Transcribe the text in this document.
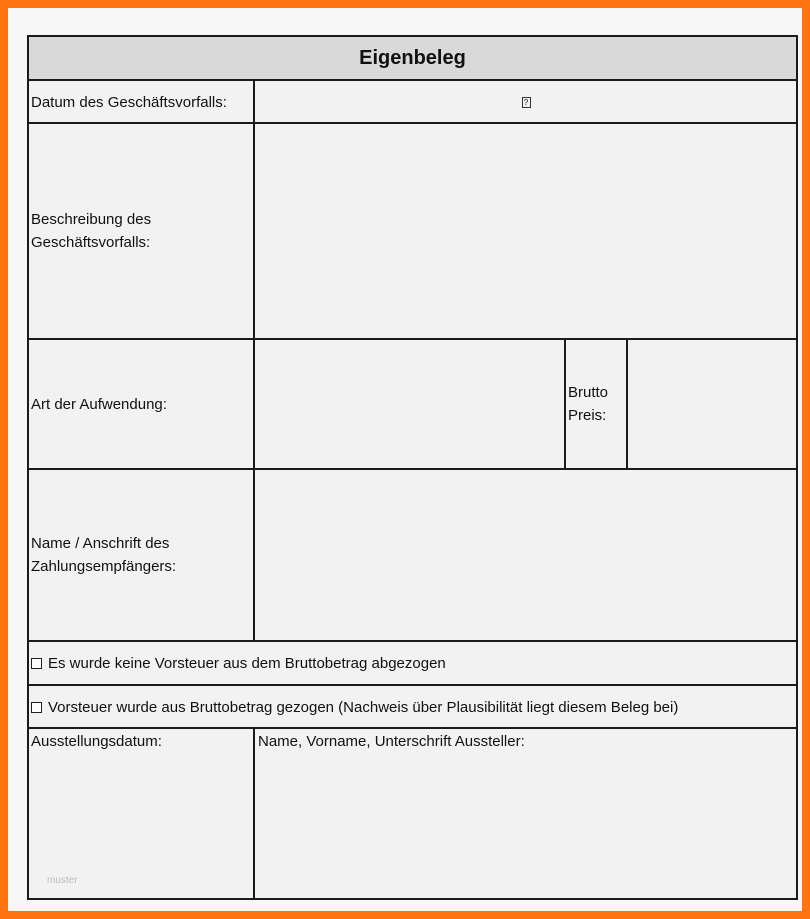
Eigenbeleg
Datum des Geschäftsvorfalls:	?
Beschreibung des
Geschäftsvorfalls:
Art der Aufwendung:
Brutto
Preis:
Name / Anschrift des
Zahlungsempfängers:
Es wurde keine Vorsteuer aus dem Bruttobetrag abgezogen
Vorsteuer wurde aus Bruttobetrag gezogen (Nachweis über Plausibilität liegt diesem Beleg bei)
Ausstellungsdatum:	Name, Vorname, Unterschrift Aussteller:
muster
